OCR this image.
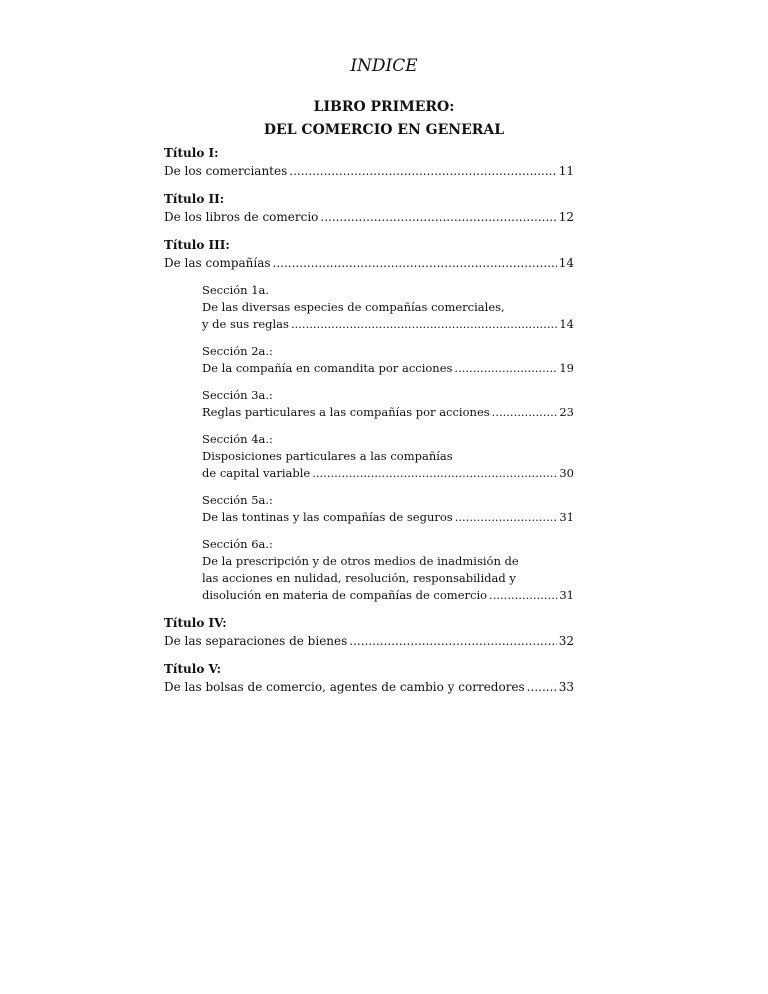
INDICE
LIBRO PRIMERO:
DEL COMERCIO EN GENERAL
Título I:
De los comerciantes .....	11
Título II:
De los libros de comercio .....	12
Título III:
De las compañías .....	14
Sección 1a.
De las diversas especies de compañías comerciales,
y de sus reglas .....	14
Sección 2a.:
De la compañía en comandita por acciones .....	19
Sección 3a.:
Reglas particulares a las compañías por acciones .....	23
Sección 4a.:
Disposiciones particulares a las compañías
de capital variable .....	30
Sección 5a.:
De las tontinas y las compañías de seguros .....	31
Sección 6a.:
De la prescripción y de otros medios de inadmisión de
las acciones en nulidad, resolución, responsabilidad y
disolución en materia de compañías de comercio .....	31
Título IV:
De las separaciones de bienes .....	32
Título V:
De las bolsas de comercio, agentes de cambio y corredores .....	33
